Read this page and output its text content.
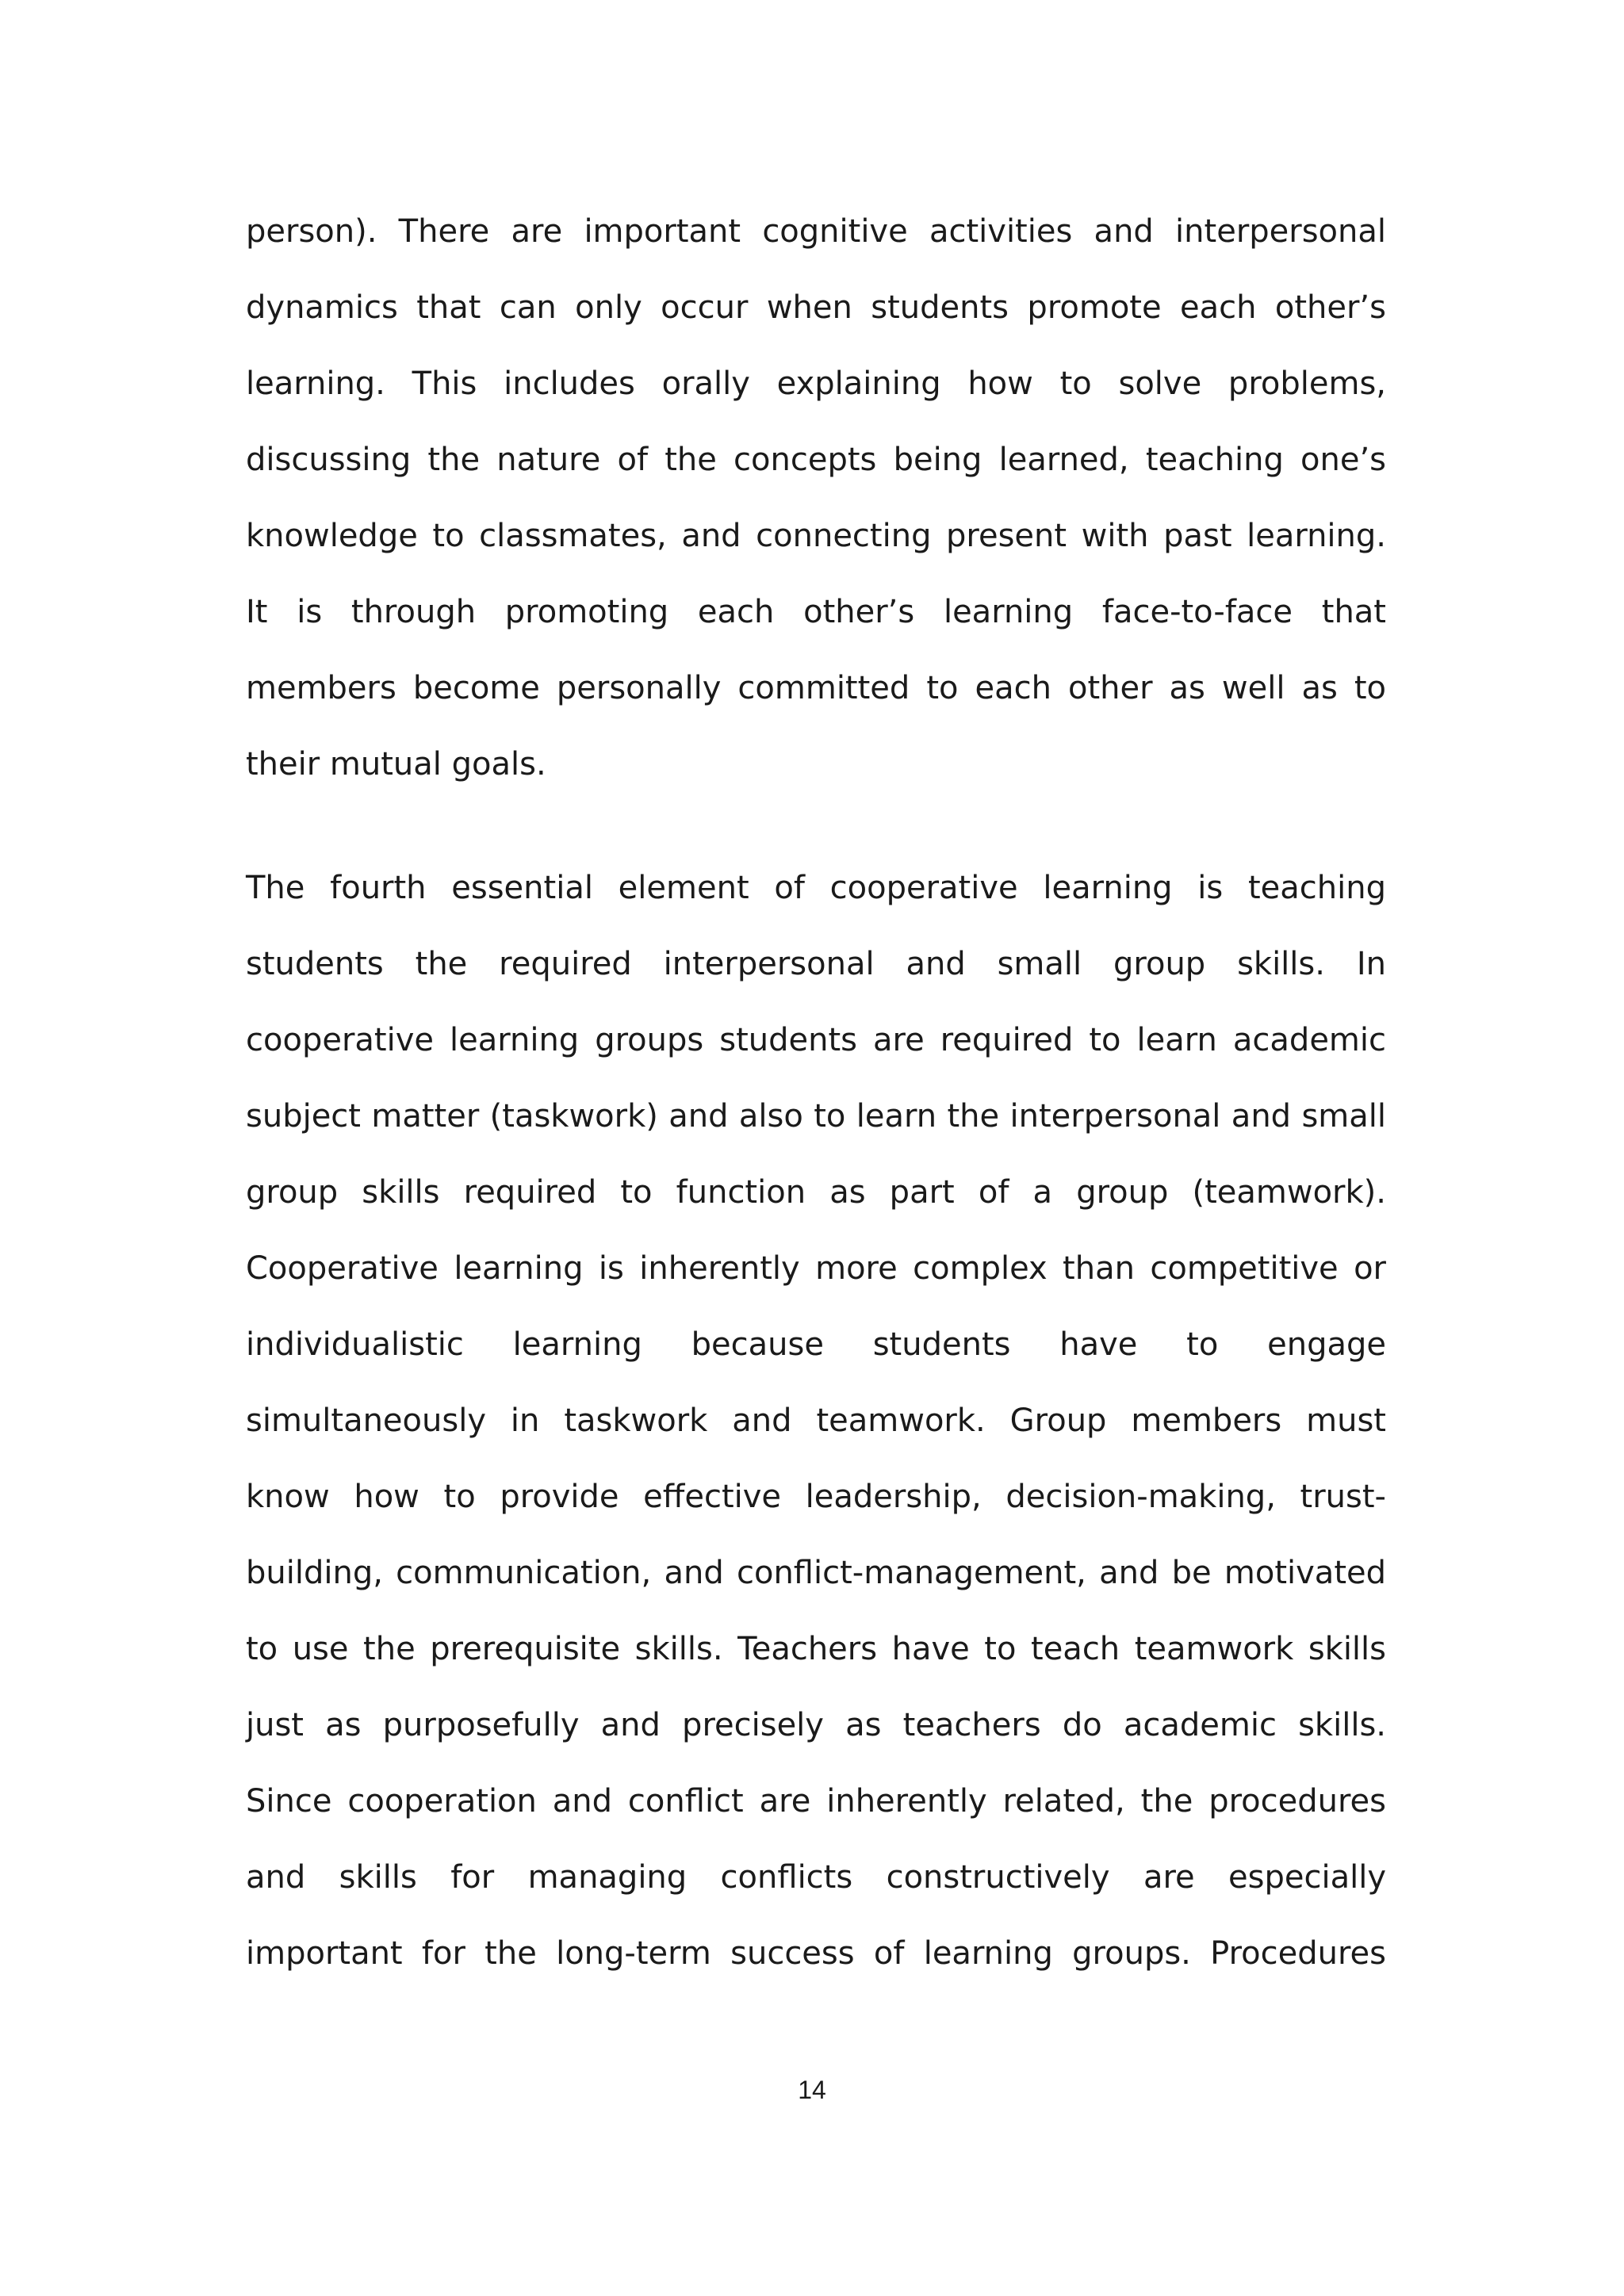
person). There are important cognitive activities and interpersonal
dynamics that can only occur when students promote each other’s
learning. This includes orally explaining how to solve problems,
discussing the nature of the concepts being learned, teaching one’s
knowledge to classmates, and connecting present with past learning.
It is through promoting each other’s learning face-to-face that
members become personally committed to each other as well as to
their mutual goals.
The fourth essential element of cooperative learning is teaching
students the required interpersonal and small group skills. In
cooperative learning groups students are required to learn academic
subject matter (taskwork) and also to learn the interpersonal and small
group skills required to function as part of a group (teamwork).
Cooperative learning is inherently more complex than competitive or
individualistic learning because students have to engage
simultaneously in taskwork and teamwork. Group members must
know how to provide effective leadership, decision-making, trust-
building, communication, and conflict-management, and be motivated
to use the prerequisite skills. Teachers have to teach teamwork skills
just as purposefully and precisely as teachers do academic skills.
Since cooperation and conflict are inherently related, the procedures
and skills for managing conflicts constructively are especially
important for the long-term success of learning groups. Procedures
14
